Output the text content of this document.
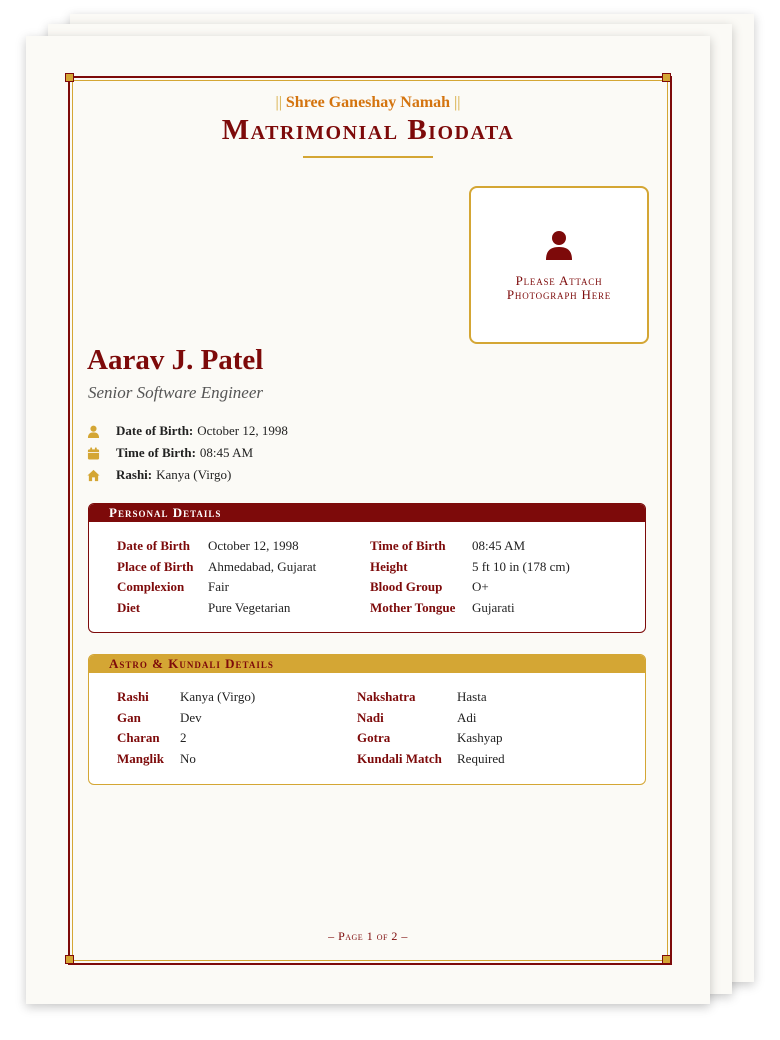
|| Shree Ganeshay Namah ||
Matrimonial Biodata
Please Attach
Photograph Here
Aarav J. Patel
Senior Software Engineer
Date of Birth: October 12, 1998
Time of Birth: 08:45 AM
Rashi: Kanya (Virgo)
Personal Details
Date of Birth October 12, 1998	Time of Birth 08:45 AM
Place of Birth Ahmedabad, Gujarat	Height	5 ft 10 in (178 cm)
Complexion Fair	Blood Group O+
Diet	Pure Vegetarian	Mother Tongue Gujarati
Astro & Kundali Details
Rashi Kanya (Virgo)	Nakshatra	Hasta
Gan	Dev	Nadi	Adi
Charan 2	Gotra	Kashyap
Manglik No	Kundali Match Required
– Page 1 of 2 –
